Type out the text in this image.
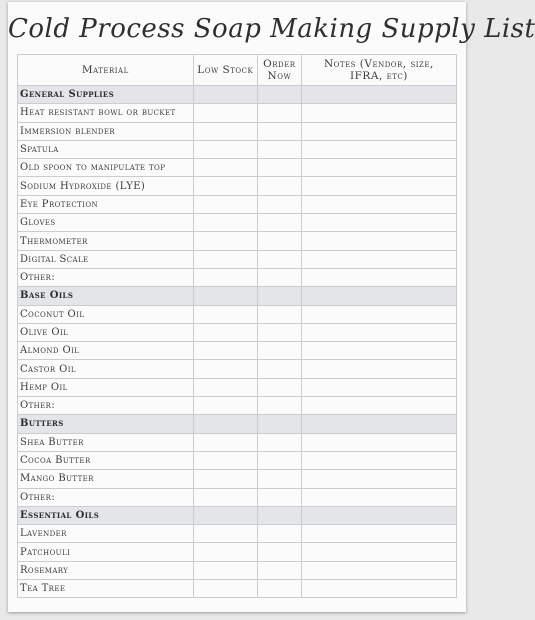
Cold Process Soap Making Supply List
Material	Low Stock	Order Now	Notes (Vendor, size, IFRA, etc)
General Supplies			
Heat resistant bowl or bucket			
Immersion blender			
Spatula			
Old spoon to manipulate top			
Sodium Hydroxide (LYE)			
Eye Protection			
Gloves			
Thermometer			
Digital Scale			
Other:			
Base Oils			
Coconut Oil			
Olive Oil			
Almond Oil			
Castor Oil			
Hemp Oil			
Other:			
Butters			
Shea Butter			
Cocoa Butter			
Mango Butter			
Other:			
Essential Oils			
Lavender			
Patchouli			
Rosemary			
Tea Tree			
